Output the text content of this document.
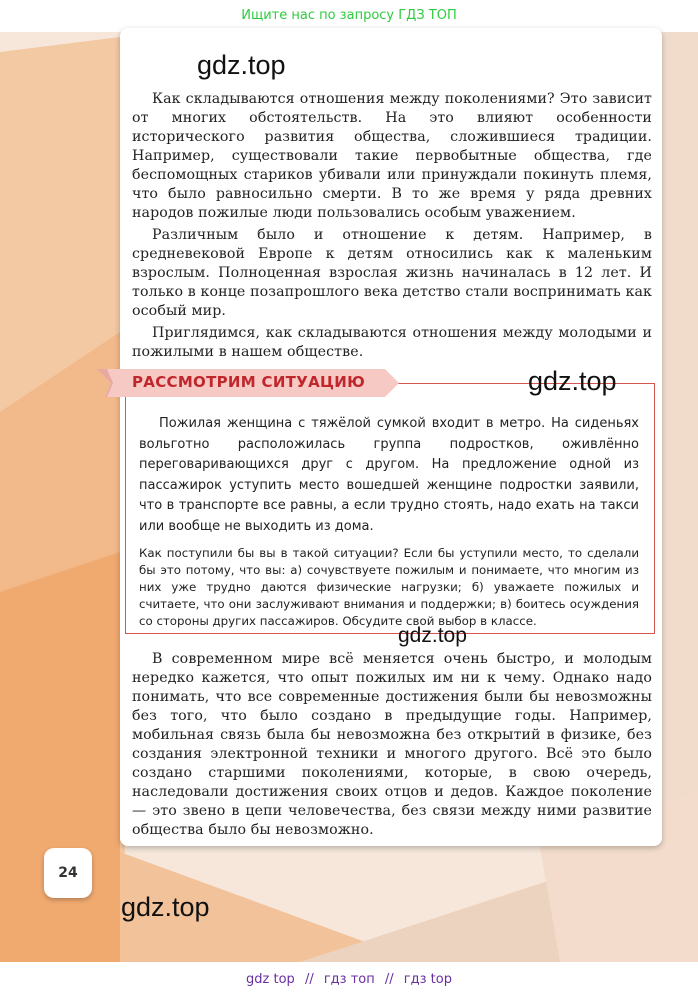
Ищите нас по запросу ГДЗ ТОП
gdz.top

Как складываются отношения между поколениями? Это зависит от многих обстоятельств. На это влияют особенности исторического развития общества, сложившиеся традиции. Например, существовали такие первобытные общества, где беспомощных стариков убивали или принуждали покинуть племя, что было равносильно смерти. В то же время у ряда древних народов пожилые люди пользовались особым уважением.

Различным было и отношение к детям. Например, в средневековой Европе к детям относились как к маленьким взрослым. Полноценная взрослая жизнь начиналась в 12 лет. И только в конце позапрошлого века детство стали воспринимать как особый мир.

Приглядимся, как складываются отношения между молодыми и пожилыми в нашем обществе.

РАССМОТРИМ СИТУАЦИЮ	gdz.top

Пожилая женщина с тяжёлой сумкой входит в метро. На сиденьях вольготно расположилась группа подростков, оживлённо переговаривающихся друг с другом. На предложение одной из пассажирок уступить место вошедшей женщине подростки заявили, что в транспорте все равны, а если трудно стоять, надо ехать на такси или вообще не выходить из дома.

Как поступили бы вы в такой ситуации? Если бы уступили место, то сделали бы это потому, что вы: а) сочувствуете пожилым и понимаете, что многим из них уже трудно даются физические нагрузки; б) уважаете пожилых и считаете, что они заслуживают внимания и поддержки; в) боитесь осуждения со стороны других пассажиров. Обсудите свой выбор в классе.
gdz.top

В современном мире всё меняется очень быстро, и молодым нередко кажется, что опыт пожилых им ни к чему. Однако надо понимать, что все современные достижения были бы невозможны без того, что было создано в предыдущие годы. Например, мобильная связь была бы невозможна без открытий в физике, без создания электронной техники и многого другого. Всё это было создано старшими поколениями, которые, в свою очередь, наследовали достижения своих отцов и дедов. Каждое поколение — это звено в цепи человечества, без связи между ними развитие общества было бы невозможно.

24
gdz.top
gdz top // гдз топ // гдз top
